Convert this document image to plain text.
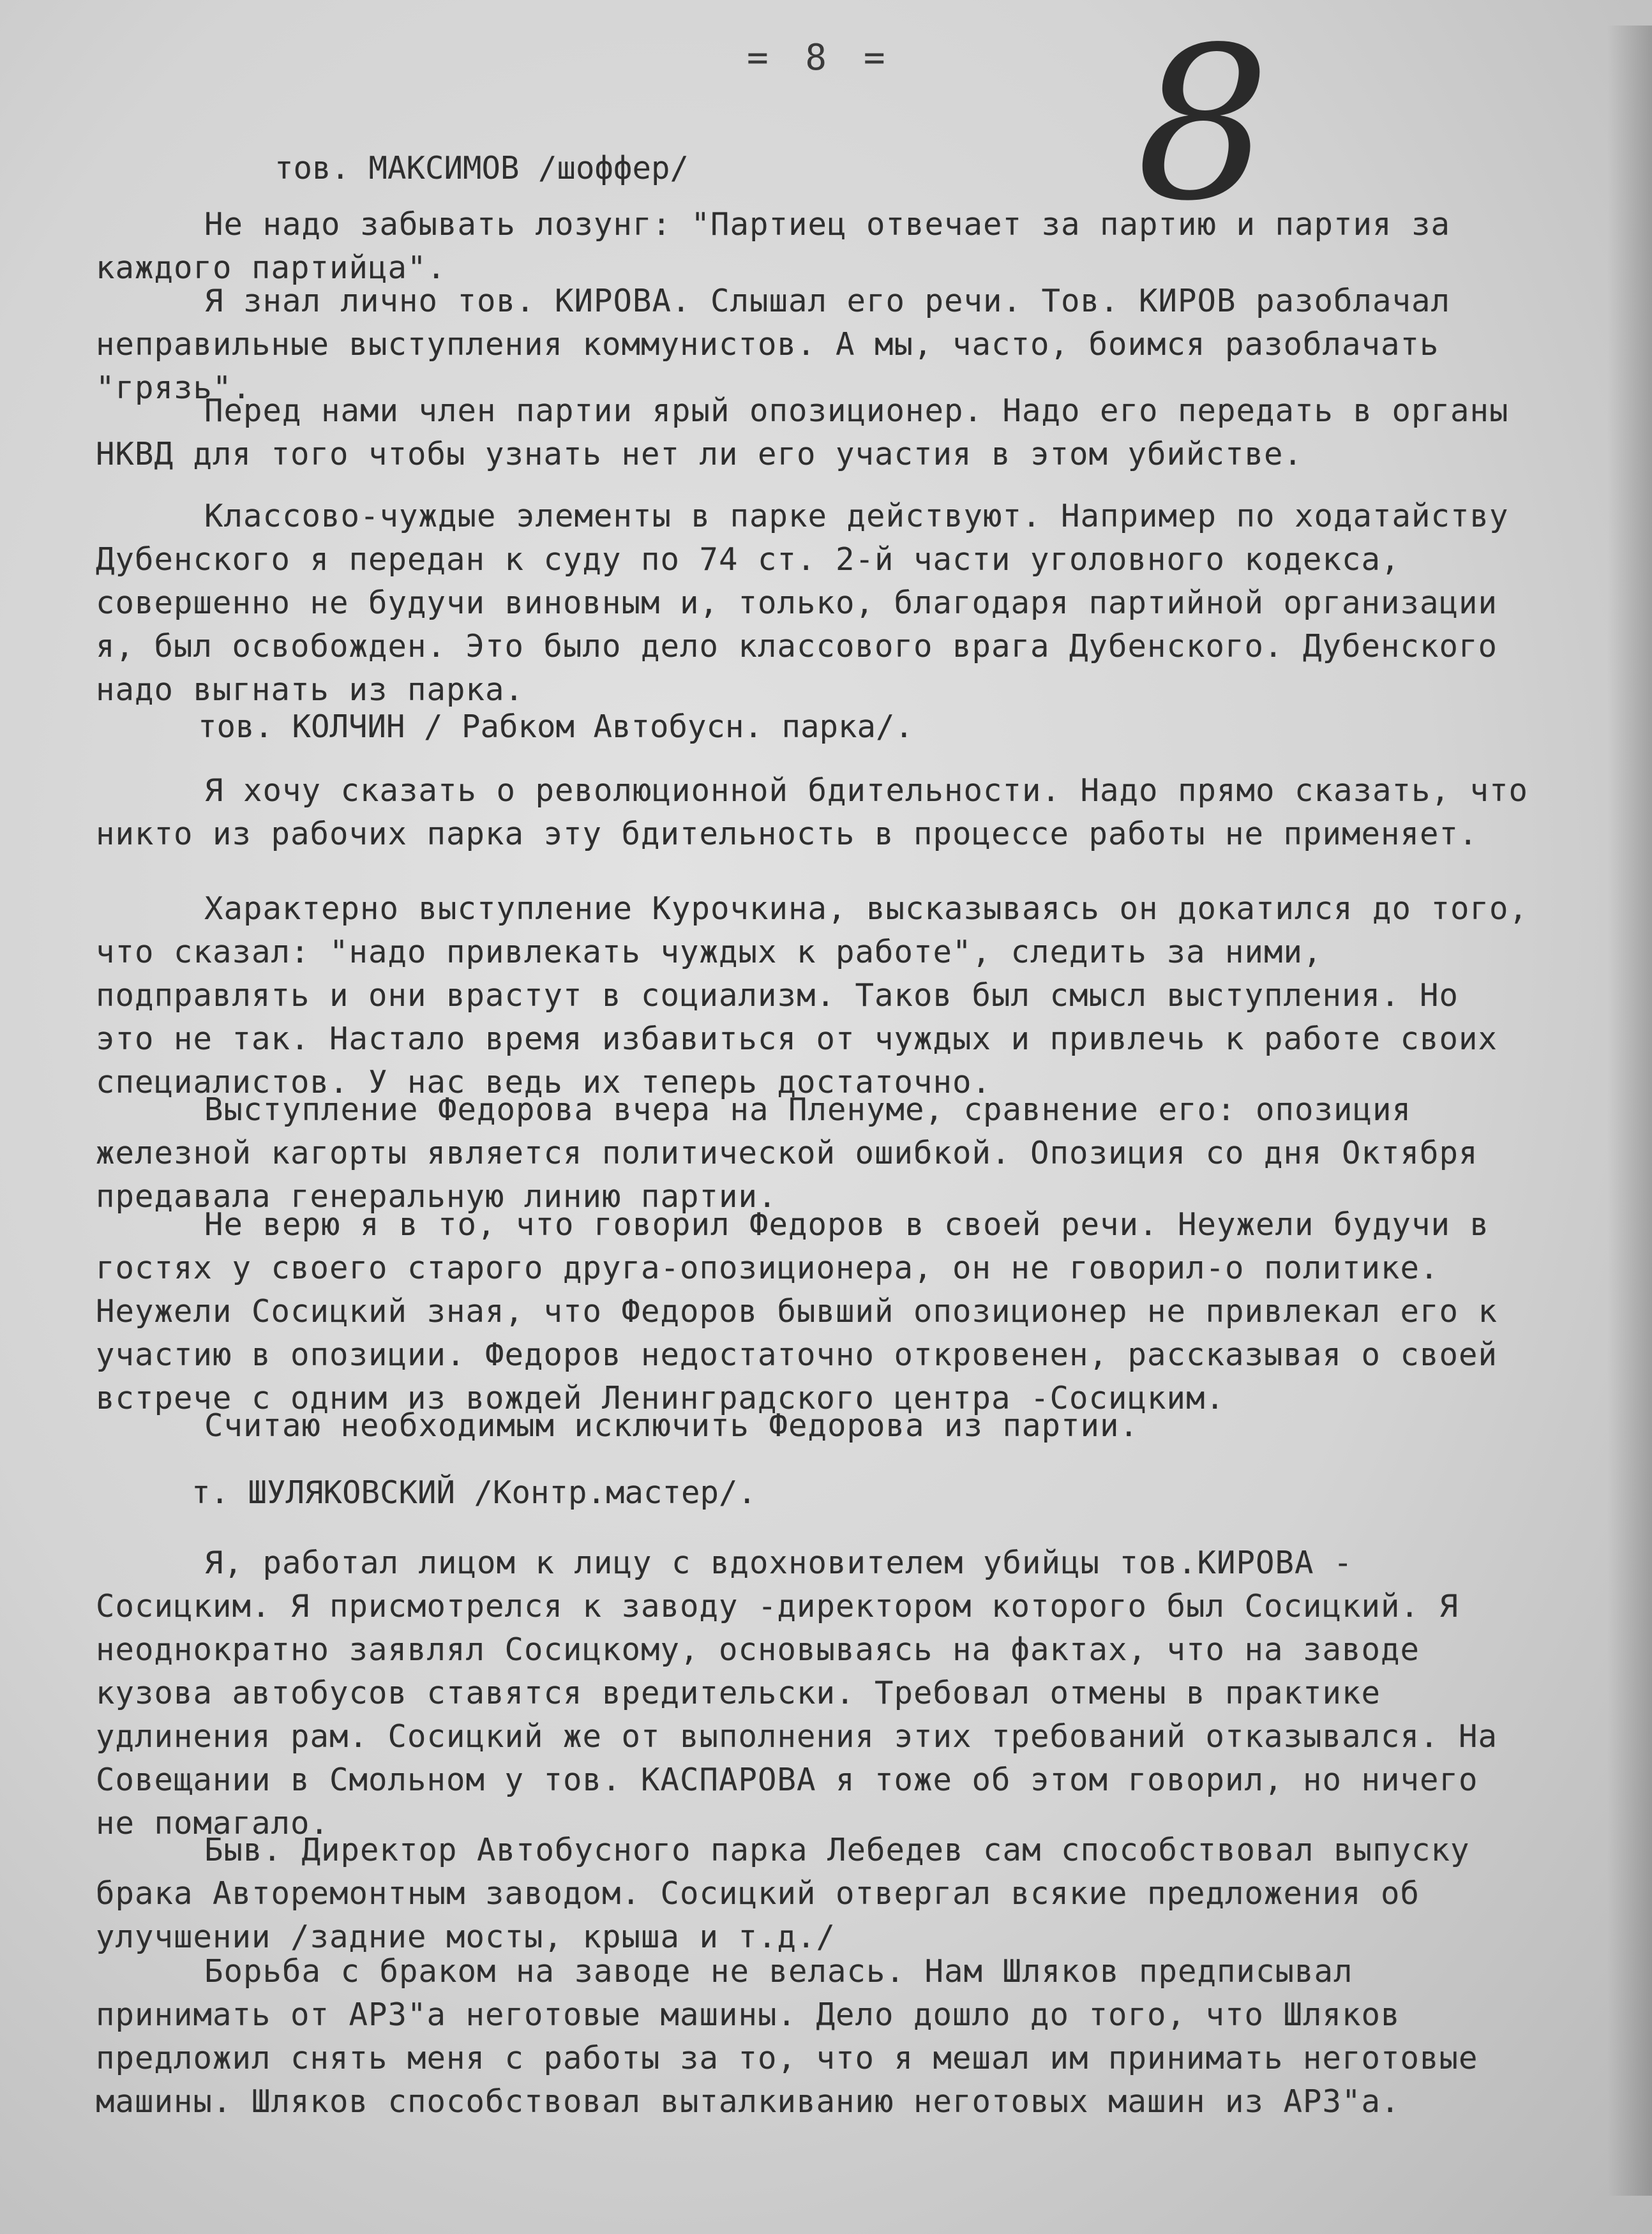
= 8 = 8
тов. МАКСИМОВ /шоффер/

Не надо забывать лозунг: "Партиец отвечает за партию и партия за каждого партийца".

Я знал лично тов. КИРОВА. Слышал его речи. Тов. КИРОВ разоблачал неправильные выступления коммунистов. А мы, часто, боимся разоблачать "грязь".

Перед нами член партии ярый опозиционер. Надо его передать в органы НКВД для того чтобы узнать нет ли его участия в этом убийстве.

Классово-чуждые элементы в парке действуют. Например по ходатайству Дубенского я передан к суду по 74 ст. 2-й части уголовного кодекса, совершенно не будучи виновным и, только, благодаря партийной организации я, был освобожден. Это было дело классового врага Дубенского. Дубенского надо выгнать из парка.

тов. КОЛЧИН / Рабком Автобусн. парка/.

Я хочу сказать о революционной бдительности. Надо прямо сказать, что никто из рабочих парка эту бдительность в процессе работы не применяет.

Характерно выступление Курочкина, высказываясь он докатился до того, что сказал: "надо привлекать чуждых к работе", следить за ними, подправлять и они врастут в социализм. Таков был смысл выступления. Но это не так. Настало время избавиться от чуждых и привлечь к работе своих специалистов. У нас ведь их теперь достаточно.

Выступление Федорова вчера на Пленуме, сравнение его: опозиция железной кагорты является политической ошибкой. Опозиция со дня Октября предавала генеральную линию партии.

Не верю я в то, что говорил Федоров в своей речи. Неужели будучи в гостях у своего старого друга-опозиционера, он не говорил-о политике. Неужели Сосицкий зная, что Федоров бывший опозиционер не привлекал его к участию в опозиции. Федоров недостаточно откровенен, рассказывая о своей встрече с одним из вождей Ленинградского центра -Сосицким.

Считаю необходимым исключить Федорова из партии.

т. ШУЛЯКОВСКИЙ /Контр.мастер/.

Я, работал лицом к лицу с вдохновителем убийцы тов.КИРОВА - Сосицким. Я присмотрелся к заводу -директором которого был Сосицкий. Я неоднократно заявлял Сосицкому, основываясь на фактах, что на заводе кузова автобусов ставятся вредительски. Требовал отмены в практике удлинения рам. Сосицкий же от выполнения этих требований отказывался. На Совещании в Смольном у тов. КАСПАРОВА я тоже об этом говорил, но ничего не помагало.

Быв. Директор Автобусного парка Лебедев сам способствовал выпуску брака Авторемонтным заводом. Сосицкий отвергал всякие предложения об улучшении /задние мосты, крыша и т.д./

Борьба с браком на заводе не велась. Нам Шляков предписывал принимать от АРЗ"а неготовые машины. Дело дошло до того, что Шляков предложил снять меня с работы за то, что я мешал им принимать неготовые машины. Шляков способствовал выталкиванию неготовых машин из АРЗ"а.
